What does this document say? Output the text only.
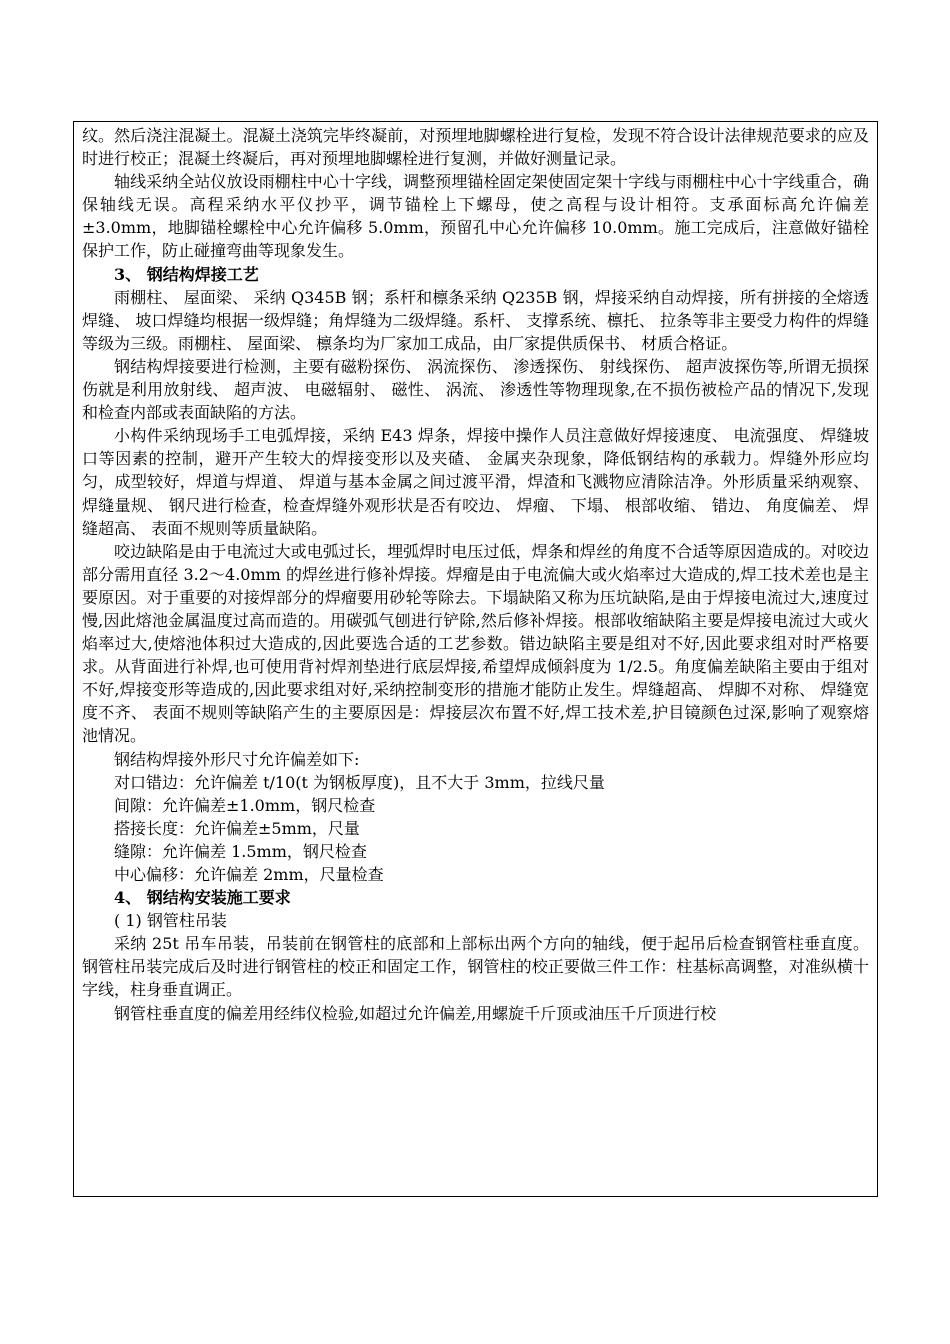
纹。然后浇注混凝土。混凝土浇筑完毕终凝前，对预埋地脚螺栓进行复检，发现不符合设计法律规范要求的应及时进行校正；混凝土终凝后，再对预埋地脚螺栓进行复测，并做好测量记录。

轴线采纳全站仪放设雨棚柱中心十字线，调整预埋锚栓固定架使固定架十字线与雨棚柱中心十字线重合，确保轴线无误。高程采纳水平仪抄平，调节锚栓上下螺母，使之高程与设计相符。支承面标高允许偏差 ±3.0mm，地脚锚栓螺栓中心允许偏移 5.0mm，预留孔中心允许偏移 10.0mm。施工完成后，注意做好锚栓保护工作，防止碰撞弯曲等现象发生。

3、 钢结构焊接工艺

雨棚柱、 屋面梁、 采纳 Q345B 钢；系杆和檩条采纳 Q235B 钢，焊接采纳自动焊接，所有拼接的全熔透焊缝、 坡口焊缝均根据一级焊缝；角焊缝为二级焊缝。系杆、 支撑系统、檩托、 拉条等非主要受力构件的焊缝等级为三级。雨棚柱、 屋面梁、 檩条均为厂家加工成品，由厂家提供质保书、 材质合格证。

钢结构焊接要进行检测，主要有磁粉探伤、 涡流探伤、 渗透探伤、 射线探伤、 超声波探伤等,所谓无损探伤就是利用放射线、 超声波、 电磁辐射、 磁性、 涡流、 渗透性等物理现象,在不损伤被检产品的情况下,发现和检查内部或表面缺陷的方法。

小构件采纳现场手工电弧焊接，采纳 E43 焊条，焊接中操作人员注意做好焊接速度、 电流强度、 焊缝坡口等因素的控制，避开产生较大的焊接变形以及夹碴、 金属夹杂现象，降低钢结构的承载力。焊缝外形应均匀，成型较好，焊道与焊道、 焊道与基本金属之间过渡平滑，焊渣和飞溅物应清除洁净。外形质量采纳观察、 焊缝量规、 钢尺进行检查，检查焊缝外观形状是否有咬边、 焊瘤、 下塌、 根部收缩、 错边、 角度偏差、 焊缝超高、 表面不规则等质量缺陷。

咬边缺陷是由于电流过大或电弧过长，埋弧焊时电压过低，焊条和焊丝的角度不合适等原因造成的。对咬边部分需用直径 3.2～4.0mm 的焊丝进行修补焊接。焊瘤是由于电流偏大或火焰率过大造成的,焊工技术差也是主要原因。对于重要的对接焊部分的焊瘤要用砂轮等除去。下塌缺陷又称为压坑缺陷,是由于焊接电流过大,速度过慢,因此熔池金属温度过高而造的。用碳弧气刨进行铲除,然后修补焊接。根部收缩缺陷主要是焊接电流过大或火焰率过大,使熔池体积过大造成的,因此要选合适的工艺参数。错边缺陷主要是组对不好,因此要求组对时严格要求。从背面进行补焊,也可使用背衬焊剂垫进行底层焊接,希望焊成倾斜度为 1/2.5。角度偏差缺陷主要由于组对不好,焊接变形等造成的,因此要求组对好,采纳控制变形的措施才能防止发生。焊缝超高、 焊脚不对称、 焊缝宽度不齐、 表面不规则等缺陷产生的主要原因是：焊接层次布置不好,焊工技术差,护目镜颜色过深,影响了观察熔池情况。

钢结构焊接外形尺寸允许偏差如下:

对口错边：允许偏差 t/10(t 为钢板厚度)，且不大于 3mm，拉线尺量

间隙：允许偏差±1.0mm，钢尺检查

搭接长度：允许偏差±5mm，尺量

缝隙：允许偏差 1.5mm，钢尺检查

中心偏移：允许偏差 2mm，尺量检查

4、 钢结构安装施工要求

( 1) 钢管柱吊装

采纳 25t 吊车吊装，吊装前在钢管柱的底部和上部标出两个方向的轴线，便于起吊后检查钢管柱垂直度。钢管柱吊装完成后及时进行钢管柱的校正和固定工作，钢管柱的校正要做三件工作：柱基标高调整，对准纵横十字线，柱身垂直调正。

钢管柱垂直度的偏差用经纬仪检验,如超过允许偏差,用螺旋千斤顶或油压千斤顶进行校
